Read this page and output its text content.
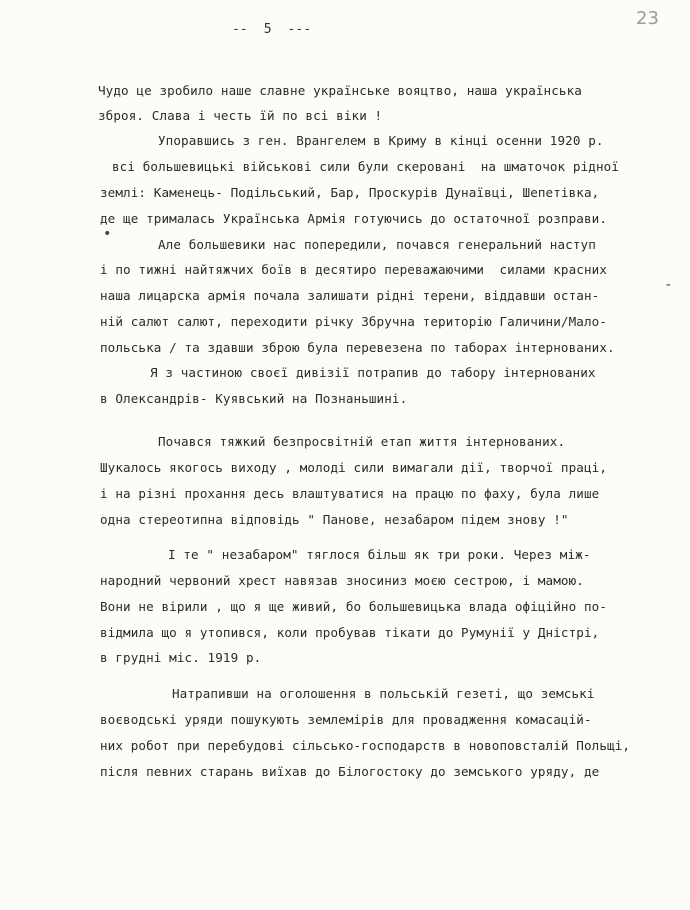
23
--  5  ---
Чудо це зробило наше славне українське вояцтво, наша українська
зброя. Слава і честь їй по всі віки !
Упоравшись з ген. Врангелем в Криму в кінці осенни 1920 р.
всі большевицькі військові сили були скеровані  на шматочок рідної
землі: Каменець- Подільський, Бар, Проскурів Дунаївці, Шепетівка,
де ще трималась Українська Армія готуючись до остаточної розправи.
•
Але большевики нас попередили, почався генеральний наступ
і по тижні найтяжчих боїв в десятиро переважаючими  силами красних
-
наша лицарска армія почала залишати рідні терени, віддавши остан-
ній салют салют, переходити річку Збручна територію Галичини/Мало-
польська / та здавши зброю була перевезена по таборах інтернованих.
Я з частиною своєї дивізії потрапив до табору інтернованих
в Олександрів- Куявський на Познаньшині.
Почався тяжкий безпросвітній етап життя інтернованих.
Шукалось якогось виходу , молоді сили вимагали дії, творчої праці,
і на різні прохання десь влаштуватися на працю по фаху, була лише
одна стереотипна відповідь " Панове, незабаром підем знову !"
І те " незабаром" тяглося більш як три роки. Через між-
народний червоний хрест навязав зносиниз моєю сестрою, і мамою.
Вони не вірили , що я ще живий, бо большевицька влада офіційно по-
відмила що я утопився, коли пробував тікати до Румунії у Дністрі,
в грудні міс. 1919 р.
Натрапивши на оголошення в польській гезеті, що земські
воєводські уряди пошукують землемірів для провадження комасацій-
них робот при перебудові сільсько-господарств в новоповсталій Польщі,
після певних старань виїхав до Білогостоку до земського уряду, де
